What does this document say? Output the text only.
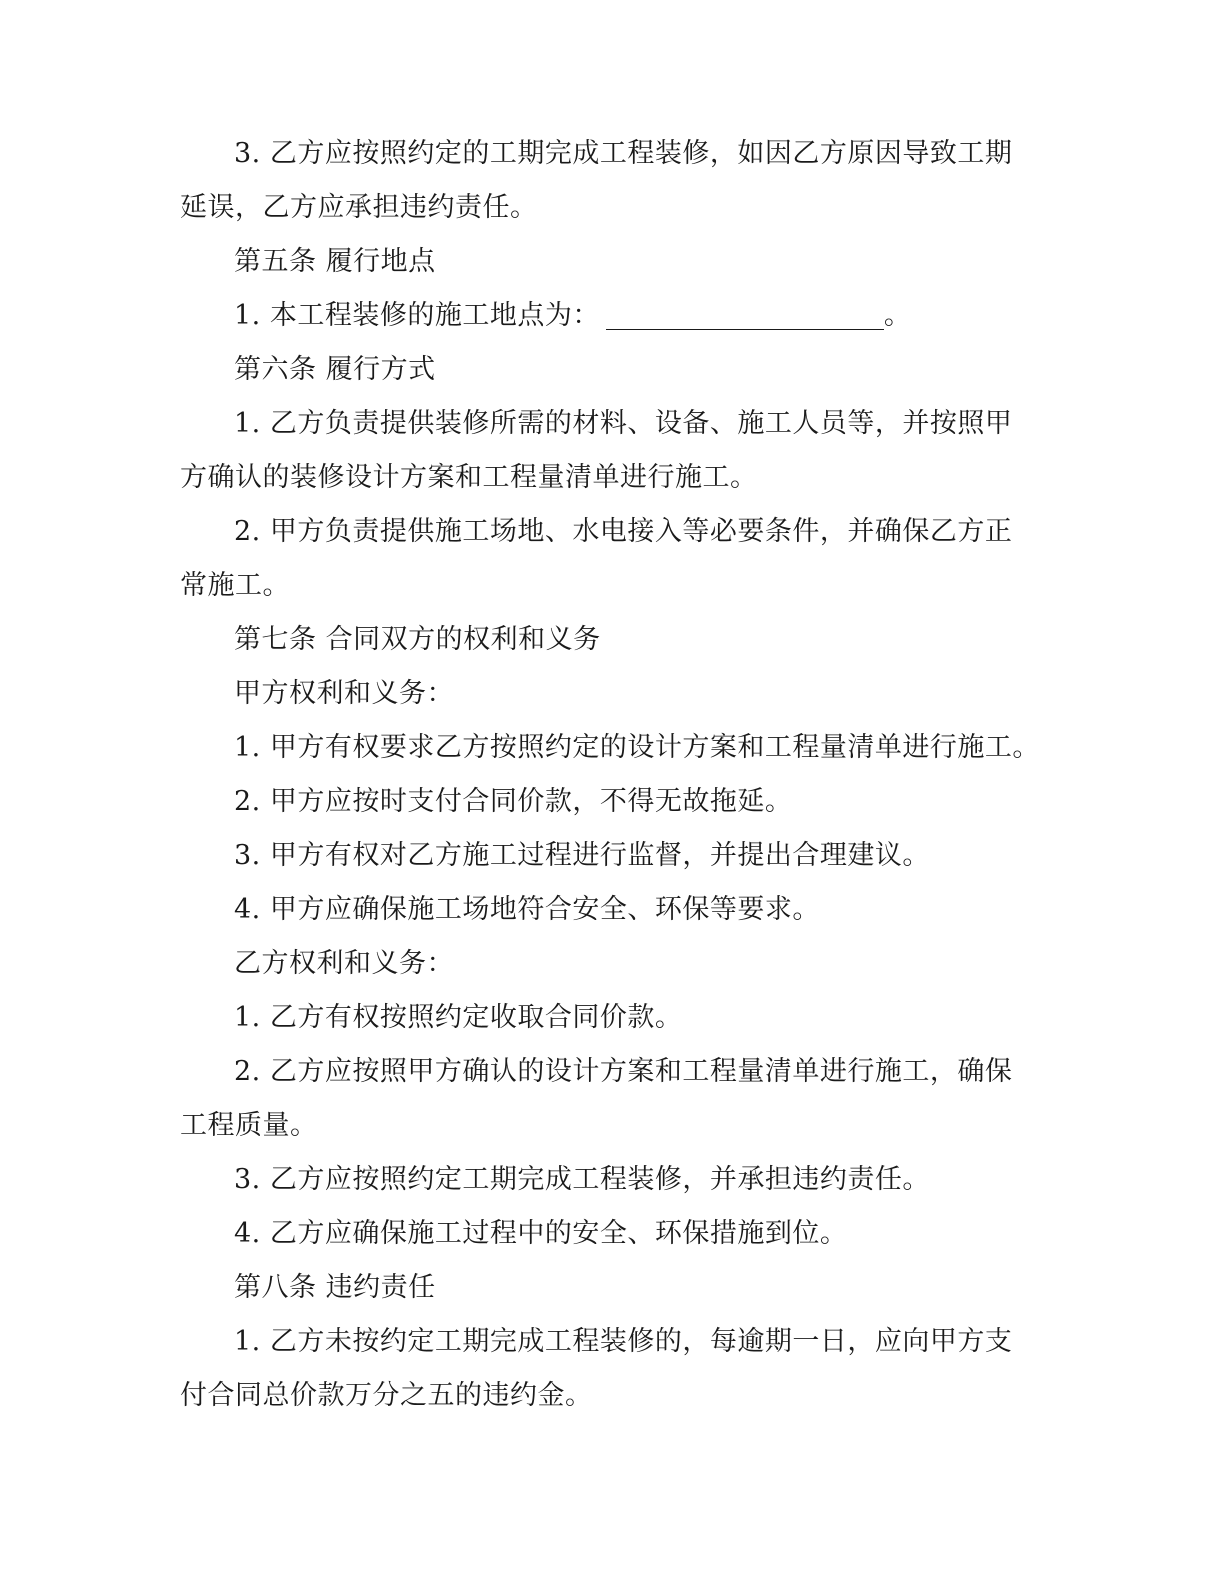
3. 乙方应按照约定的工期完成工程装修，如因乙方原因导致工期
延误，乙方应承担违约责任。
第五条 履行地点
1. 本工程装修的施工地点为：	。
第六条 履行方式
1. 乙方负责提供装修所需的材料、设备、施工人员等，并按照甲
方确认的装修设计方案和工程量清单进行施工。
2. 甲方负责提供施工场地、水电接入等必要条件，并确保乙方正
常施工。
第七条 合同双方的权利和义务
甲方权利和义务：
1. 甲方有权要求乙方按照约定的设计方案和工程量清单进行施工。
2. 甲方应按时支付合同价款，不得无故拖延。
3. 甲方有权对乙方施工过程进行监督，并提出合理建议。
4. 甲方应确保施工场地符合安全、环保等要求。
乙方权利和义务：
1. 乙方有权按照约定收取合同价款。
2. 乙方应按照甲方确认的设计方案和工程量清单进行施工，确保
工程质量。
3. 乙方应按照约定工期完成工程装修，并承担违约责任。
4. 乙方应确保施工过程中的安全、环保措施到位。
第八条 违约责任
1. 乙方未按约定工期完成工程装修的，每逾期一日，应向甲方支
付合同总价款万分之五的违约金。
